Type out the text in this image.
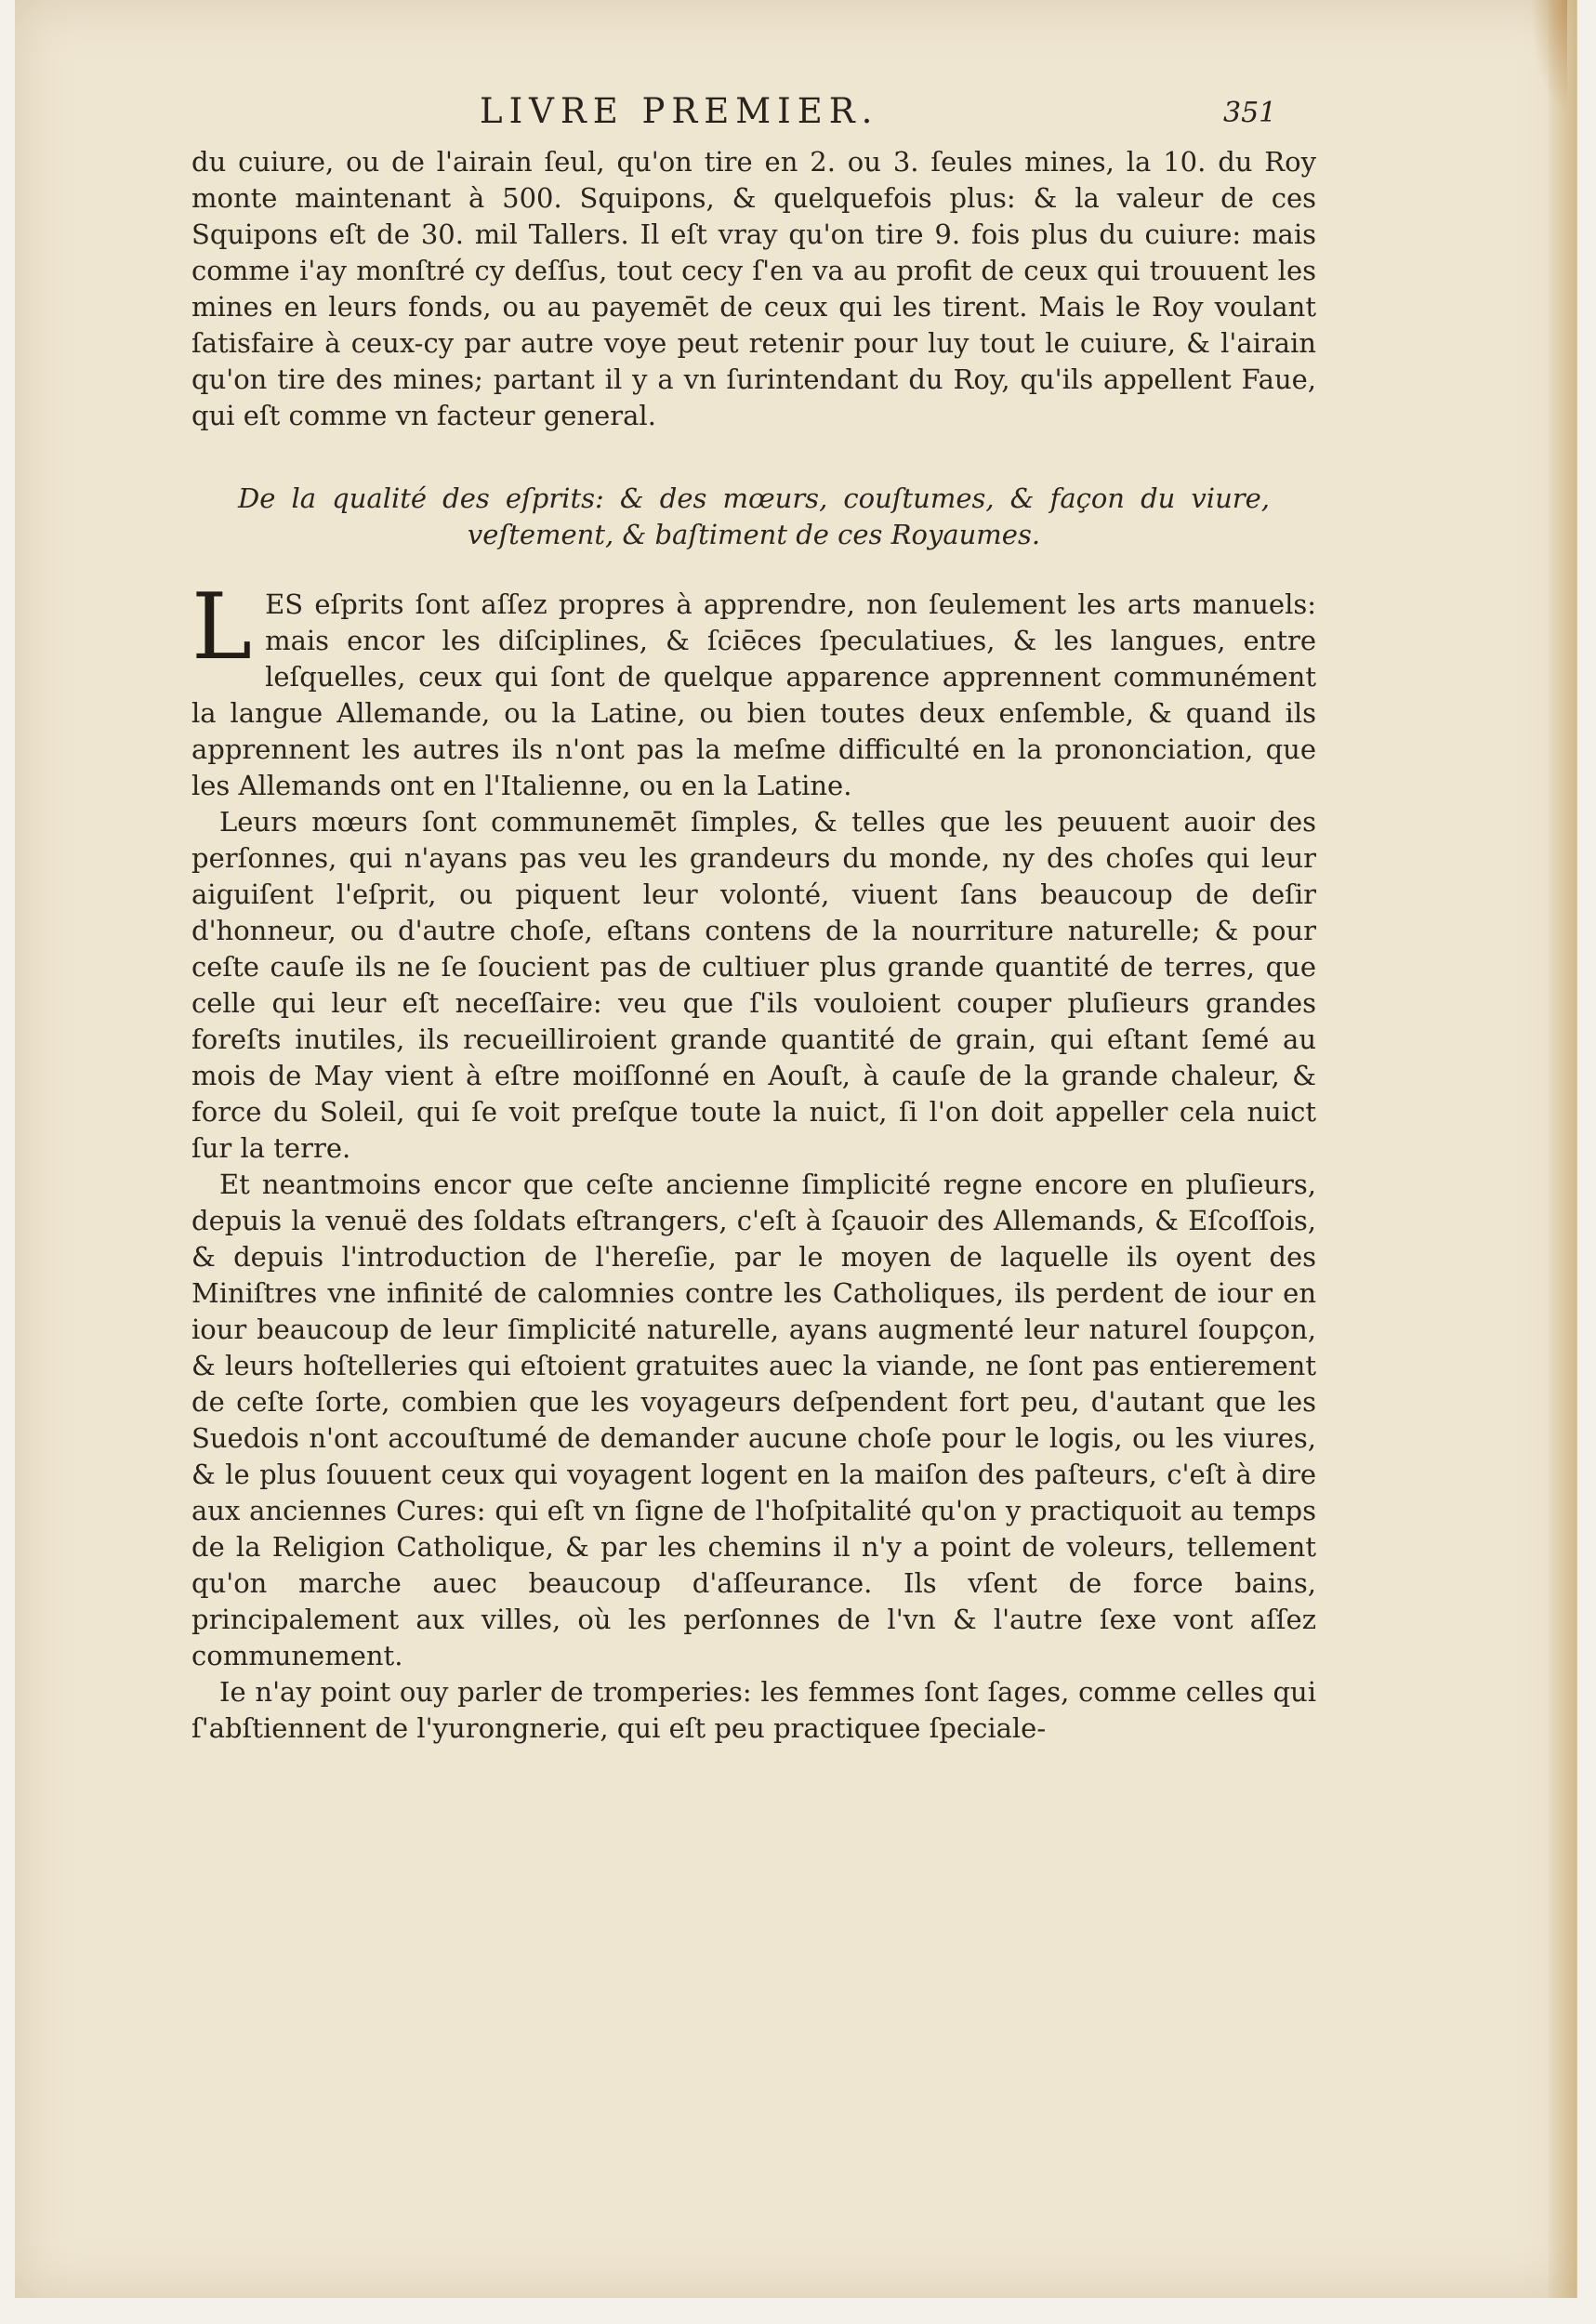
LIVRE PREMIER.	351

du cuiure, ou de l'airain ſeul, qu'on tire en 2. ou 3. ſeules mines, la 10. du Roy monte maintenant à 500. Squipons, & quelquefois plus: & la valeur de ces Squipons eſt de 30. mil Tallers. Il eſt vray qu'on tire 9. fois plus du cuiure: mais comme i'ay monſtré cy deſſus, tout cecy ſ'en va au profit de ceux qui trouuent les mines en leurs fonds, ou au payemēt de ceux qui les tirent. Mais le Roy voulant ſatisfaire à ceux-cy par autre voye peut retenir pour luy tout le cuiure, & l'airain qu'on tire des mines; partant il y a vn ſurintendant du Roy, qu'ils appellent Faue, qui eſt comme vn facteur general.

De la qualité des eſprits: & des mœurs, couſtumes, & façon du viure, veſtement, & baſtiment de ces Royaumes.

L ES eſprits ſont aſſez propres à apprendre, non ſeulement les arts manuels: mais encor les diſciplines, & ſciēces ſpeculatiues, & les langues, entre leſquelles, ceux qui ſont de quelque apparence apprennent communément la langue Allemande, ou la Latine, ou bien toutes deux enſemble, & quand ils apprennent les autres ils n'ont pas la meſme difficulté en la prononciation, que les Allemands ont en l'Italienne, ou en la Latine.

Leurs mœurs ſont communemēt ſimples, & telles que les peuuent auoir des perſonnes, qui n'ayans pas veu les grandeurs du monde, ny des choſes qui leur aiguiſent l'eſprit, ou piquent leur volonté, viuent ſans beaucoup de deſir d'honneur, ou d'autre choſe, eſtans contens de la nourriture naturelle; & pour ceſte cauſe ils ne ſe ſoucient pas de cultiuer plus grande quantité de terres, que celle qui leur eſt neceſſaire: veu que ſ'ils vouloient couper pluſieurs grandes foreſts inutiles, ils recueilliroient grande quantité de grain, qui eſtant ſemé au mois de May vient à eſtre moiſſonné en Aouſt, à cauſe de la grande chaleur, & force du Soleil, qui ſe voit preſque toute la nuict, ſi l'on doit appeller cela nuict ſur la terre.

Et neantmoins encor que ceſte ancienne ſimplicité regne encore en pluſieurs, depuis la venuë des ſoldats eſtrangers, c'eſt à ſçauoir des Allemands, & Eſcoſſois, & depuis l'introduction de l'hereſie, par le moyen de laquelle ils oyent des Miniſtres vne infinité de calomnies contre les Catholiques, ils perdent de iour en iour beaucoup de leur ſimplicité naturelle, ayans augmenté leur naturel ſoupçon, & leurs hoſtelleries qui eſtoient gratuites auec la viande, ne ſont pas entierement de ceſte ſorte, combien que les voyageurs deſpendent fort peu, d'autant que les Suedois n'ont accouſtumé de demander aucune choſe pour le logis, ou les viures, & le plus ſouuent ceux qui voyagent logent en la maiſon des paſteurs, c'eſt à dire aux anciennes Cures: qui eſt vn ſigne de l'hoſpitalité qu'on y practiquoit au temps de la Religion Catholique, & par les chemins il n'y a point de voleurs, tellement qu'on marche auec beaucoup d'aſſeurance. Ils vſent de force bains, principalement aux villes, où les perſonnes de l'vn & l'autre ſexe vont aſſez communement.

Ie n'ay point ouy parler de tromperies: les femmes ſont ſages, comme celles qui ſ'abſtiennent de l'yurongnerie, qui eſt peu practiquee ſpeciale-
